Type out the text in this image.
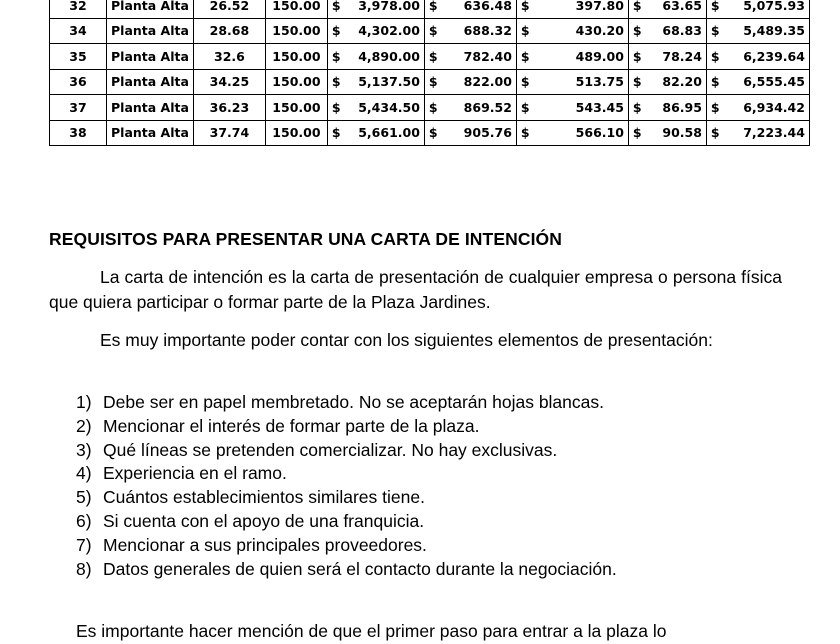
32	Planta Alta	26.52	150.00	$ 3,978.00	$ 636.48	$ 397.80	$ 63.65	$ 5,075.93

34	Planta Alta	28.68	150.00	$ 4,302.00	$ 688.32	$ 430.20	$ 68.83	$ 5,489.35

35	Planta Alta	32.6	150.00	$ 4,890.00	$ 782.40	$ 489.00	$ 78.24	$ 6,239.64

36	Planta Alta	34.25	150.00	$ 5,137.50	$ 822.00	$ 513.75	$ 82.20	$ 6,555.45

37	Planta Alta	36.23	150.00	$ 5,434.50	$ 869.52	$ 543.45	$ 86.95	$ 6,934.42

38	Planta Alta	37.74	150.00	$ 5,661.00	$ 905.76	$ 566.10	$ 90.58	$ 7,223.44
REQUISITOS PARA PRESENTAR UNA CARTA DE INTENCIÓN

La carta de intención es la carta de presentación de cualquier empresa o persona física que quiera participar o formar parte de la Plaza Jardines.

Es muy importante poder contar con los siguientes elementos de presentación:

1) Debe ser en papel membretado. No se aceptarán hojas blancas.
2) Mencionar el interés de formar parte de la plaza.
3) Qué líneas se pretenden comercializar. No hay exclusivas.
4) Experiencia en el ramo.
5) Cuántos establecimientos similares tiene.
6) Si cuenta con el apoyo de una franquicia.
7) Mencionar a sus principales proveedores.
8) Datos generales de quien será el contacto durante la negociación.

Es importante hacer mención de que el primer paso para entrar a la plaza lo
